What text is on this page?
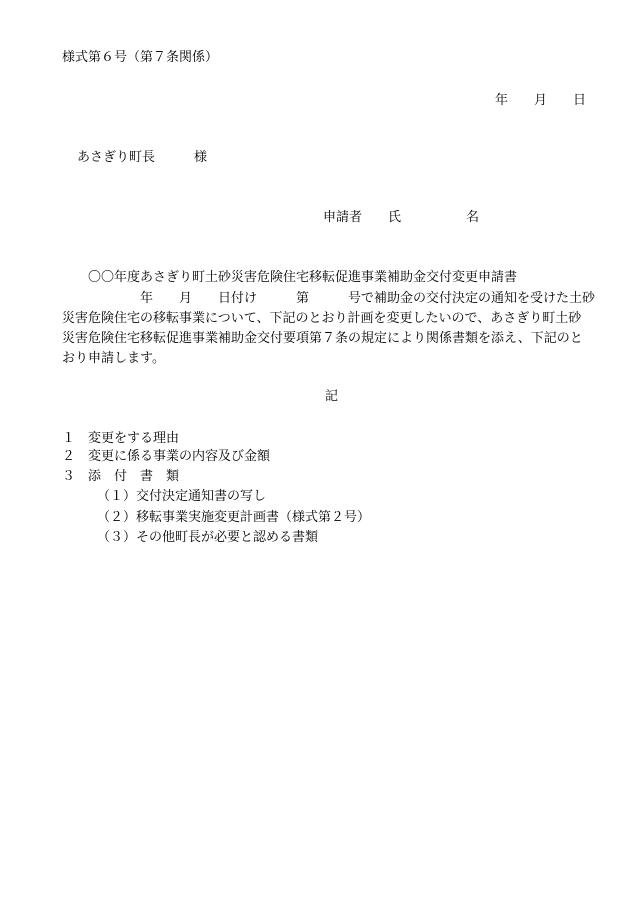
様式第６号（第７条関係）
年　　月　　日
あさぎり町長　　　様
申請者　　氏　　　　　名
〇〇年度あさぎり町土砂災害危険住宅移転促進事業補助金交付変更申請書
　　　　　　年　　月　　日付け　　　第　　　号で補助金の交付決定の通知を受けた土砂
災害危険住宅の移転事業について、下記のとおり計画を変更したいので、あさぎり町土砂
災害危険住宅移転促進事業補助金交付要項第７条の規定により関係書類を添え、下記のと
おり申請します。
記
１　変更をする理由
２　変更に係る事業の内容及び金額
３　添　付　書　類
（１）交付決定通知書の写し
（２）移転事業実施変更計画書（様式第２号）
（３）その他町長が必要と認める書類
